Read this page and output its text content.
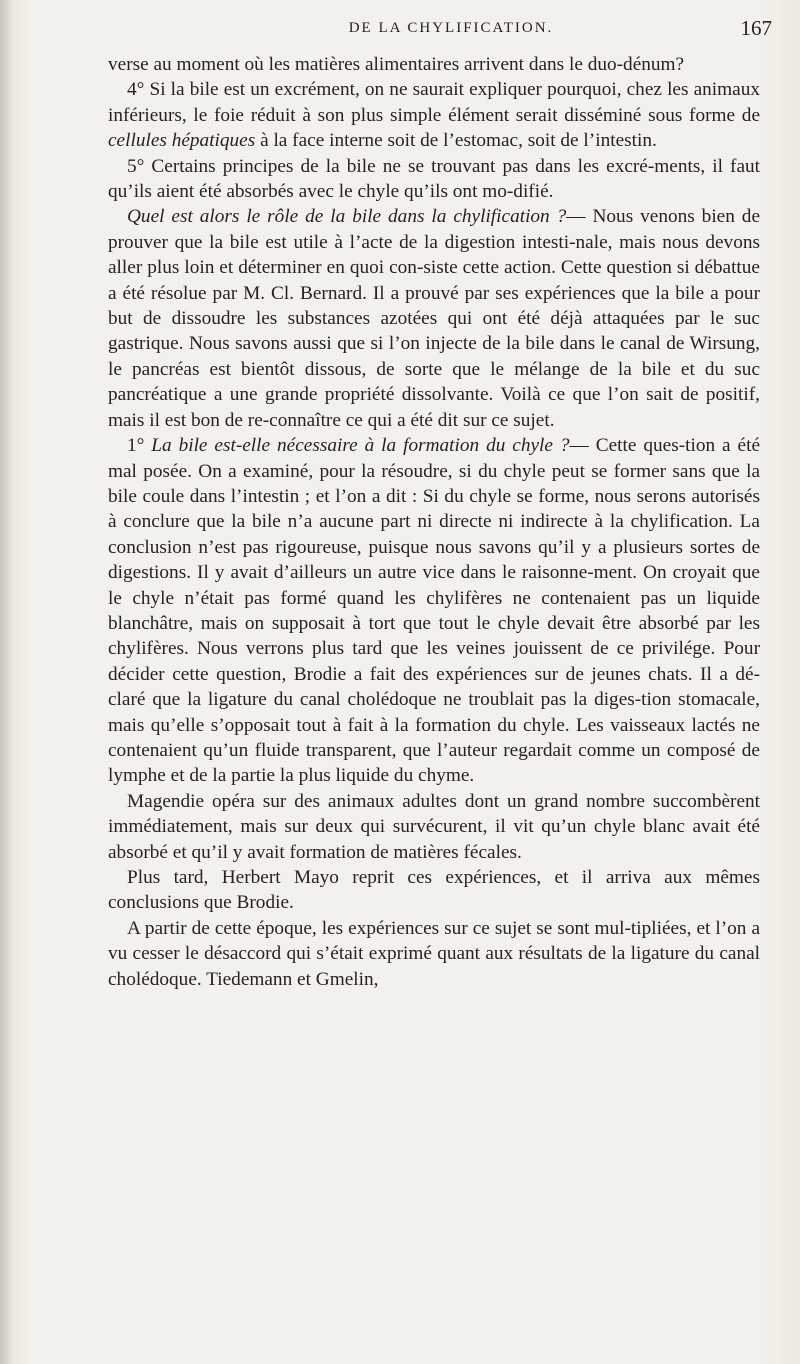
DE LA CHYLIFICATION.	167

verse au moment où les matières alimentaires arrivent dans le duo-dénum?

4° Si la bile est un excrément, on ne saurait expliquer pourquoi, chez les animaux inférieurs, le foie réduit à son plus simple élément serait disséminé sous forme de cellules hépatiques à la face interne soit de l’estomac, soit de l’intestin.

5° Certains principes de la bile ne se trouvant pas dans les excré-ments, il faut qu’ils aient été absorbés avec le chyle qu’ils ont mo-difié.

Quel est alors le rôle de la bile dans la chylification ?— Nous venons bien de prouver que la bile est utile à l’acte de la digestion intesti-nale, mais nous devons aller plus loin et déterminer en quoi con-siste cette action. Cette question si débattue a été résolue par M. Cl. Bernard. Il a prouvé par ses expériences que la bile a pour but de dissoudre les substances azotées qui ont été déjà attaquées par le suc gastrique. Nous savons aussi que si l’on injecte de la bile dans le canal de Wirsung, le pancréas est bientôt dissous, de sorte que le mélange de la bile et du suc pancréatique a une grande propriété dissolvante. Voilà ce que l’on sait de positif, mais il est bon de re-connaître ce qui a été dit sur ce sujet.

1° La bile est-elle nécessaire à la formation du chyle ?— Cette ques-tion a été mal posée. On a examiné, pour la résoudre, si du chyle peut se former sans que la bile coule dans l’intestin ; et l’on a dit : Si du chyle se forme, nous serons autorisés à conclure que la bile n’a aucune part ni directe ni indirecte à la chylification. La conclusion n’est pas rigoureuse, puisque nous savons qu’il y a plusieurs sortes de digestions. Il y avait d’ailleurs un autre vice dans le raisonne-ment. On croyait que le chyle n’était pas formé quand les chylifères ne contenaient pas un liquide blanchâtre, mais on supposait à tort que tout le chyle devait être absorbé par les chylifères. Nous verrons plus tard que les veines jouissent de ce privilége. Pour décider cette question, Brodie a fait des expériences sur de jeunes chats. Il a dé-claré que la ligature du canal cholédoque ne troublait pas la diges-tion stomacale, mais qu’elle s’opposait tout à fait à la formation du chyle. Les vaisseaux lactés ne contenaient qu’un fluide transparent, que l’auteur regardait comme un composé de lymphe et de la partie la plus liquide du chyme.

Magendie opéra sur des animaux adultes dont un grand nombre succombèrent immédiatement, mais sur deux qui survécurent, il vit qu’un chyle blanc avait été absorbé et qu’il y avait formation de matières fécales.

Plus tard, Herbert Mayo reprit ces expériences, et il arriva aux mêmes conclusions que Brodie.

A partir de cette époque, les expériences sur ce sujet se sont mul-tipliées, et l’on a vu cesser le désaccord qui s’était exprimé quant aux résultats de la ligature du canal cholédoque. Tiedemann et Gmelin,
